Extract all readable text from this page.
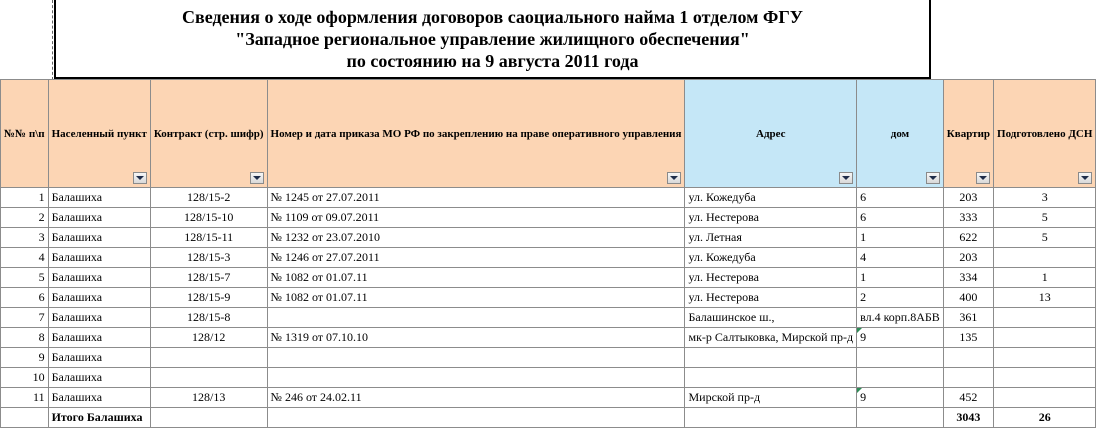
Сведения о ходе оформления договоров саоциального найма 1 отделом ФГУ
"Западное региональное управление жилищного обеспечения"
по состоянию на 9 августа 2011 года
№№ п\п	Населенный пункт	Контракт (стр. шифр)	Номер и дата приказа МО РФ по закреплению на праве оперативного управления	Адрес	дом	Квартир	Подготовлено ДСН

1	Балашиха	128/15-2	№ 1245 от 27.07.2011	ул. Кожедуба	6	203	3
2	Балашиха	128/15-10	№ 1109 от 09.07.2011	ул. Нестерова	6	333	5
3	Балашиха	128/15-11	№ 1232 от 23.07.2010	ул. Летная	1	622	5
4	Балашиха	128/15-3	№ 1246 от 27.07.2011	ул. Кожедуба	4	203	
5	Балашиха	128/15-7	№ 1082 от 01.07.11	ул. Нестерова	1	334	1
6	Балашиха	128/15-9	№ 1082 от 01.07.11	ул. Нестерова	2	400	13
7	Балашиха	128/15-8		Балашинское ш.,	вл.4 корп.8АБВ	361	
8	Балашиха	128/12	№ 1319 от 07.10.10	мк-р Салтыковка, Мирской пр-д	9	135	
9	Балашиха						
10	Балашиха						
11	Балашиха	128/13	№ 246 от 24.02.11	Мирской пр-д	9	452	
	Итого Балашиха					3043	26
